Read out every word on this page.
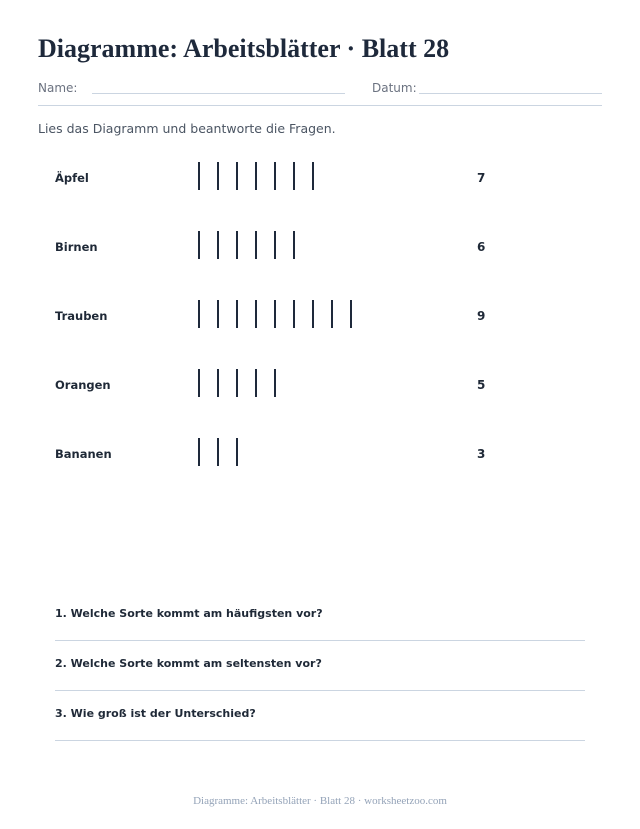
Diagramme: Arbeitsblätter · Blatt 28
Name:	Datum:
Lies das Diagramm und beantworte die Fragen.
Äpfel	7
Birnen	6
Trauben	9
Orangen	5
Bananen	3
1. Welche Sorte kommt am häufigsten vor?
2. Welche Sorte kommt am seltensten vor?
3. Wie groß ist der Unterschied?
Diagramme: Arbeitsblätter · Blatt 28 · worksheetzoo.com
